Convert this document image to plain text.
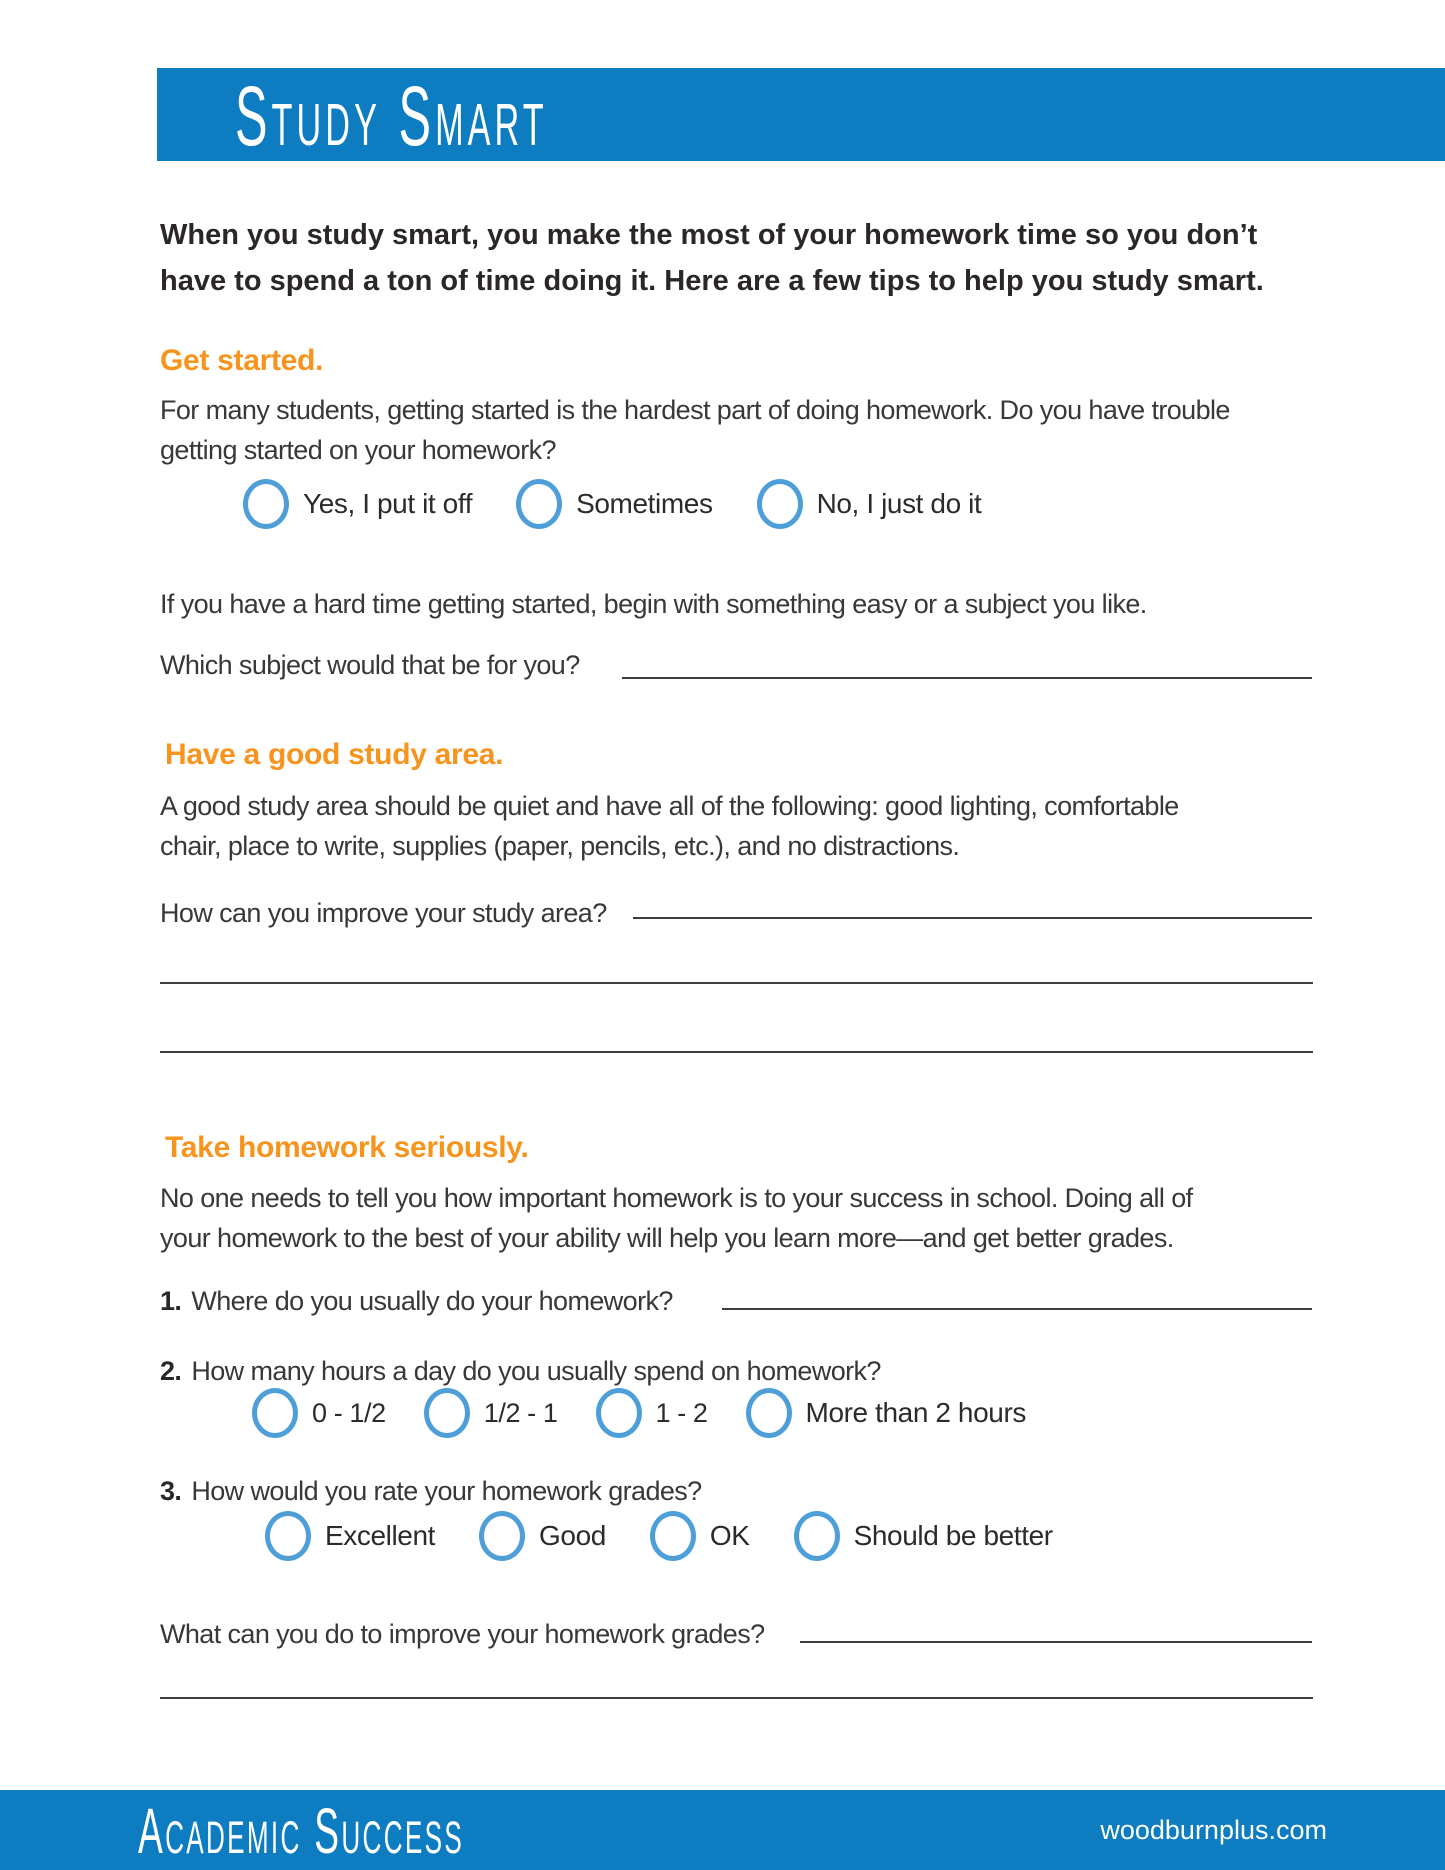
Study Smart
When you study smart, you make the most of your homework time so you don’t
have to spend a ton of time doing it. Here are a few tips to help you study smart.
Get started.
For many students, getting started is the hardest part of doing homework. Do you have trouble
getting started on your homework?
Yes, I put it off	Sometimes	No, I just do it
If you have a hard time getting started, begin with something easy or a subject you like.
Which subject would that be for you?
Have a good study area.
A good study area should be quiet and have all of the following: good lighting, comfortable
chair, place to write, supplies (paper, pencils, etc.), and no distractions.
How can you improve your study area?
Take homework seriously.
No one needs to tell you how important homework is to your success in school. Doing all of
your homework to the best of your ability will help you learn more—and get better grades.
1. Where do you usually do your homework?
2. How many hours a day do you usually spend on homework?
0 - 1/2	1/2 - 1	1 - 2	More than 2 hours
3. How would you rate your homework grades?
Excellent	Good	OK	Should be better
What can you do to improve your homework grades?
Academic Success	woodburnplus.com
